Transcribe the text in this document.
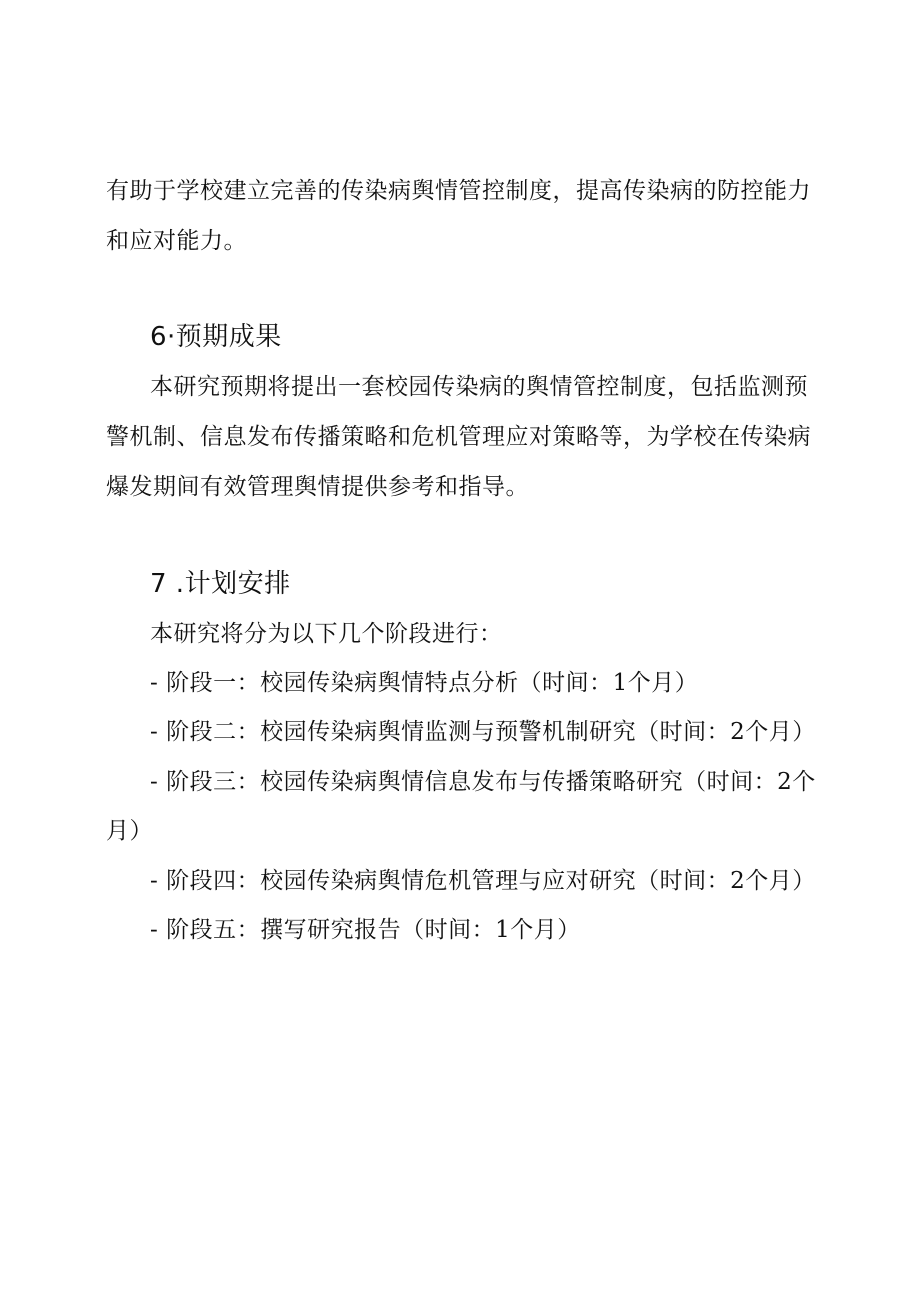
有助于学校建立完善的传染病舆情管控制度，提高传染病的防控能力
和应对能力。
6·预期成果
本研究预期将提出一套校园传染病的舆情管控制度，包括监测预
警机制、信息发布传播策略和危机管理应对策略等，为学校在传染病
爆发期间有效管理舆情提供参考和指导。
7 .计划安排
本研究将分为以下几个阶段进行：
- 阶段一：校园传染病舆情特点分析（时间：1个月）
- 阶段二：校园传染病舆情监测与预警机制研究（时间：2个月）
- 阶段三：校园传染病舆情信息发布与传播策略研究（时间：2个
月）
- 阶段四：校园传染病舆情危机管理与应对研究（时间：2个月）
- 阶段五：撰写研究报告（时间：1个月）
